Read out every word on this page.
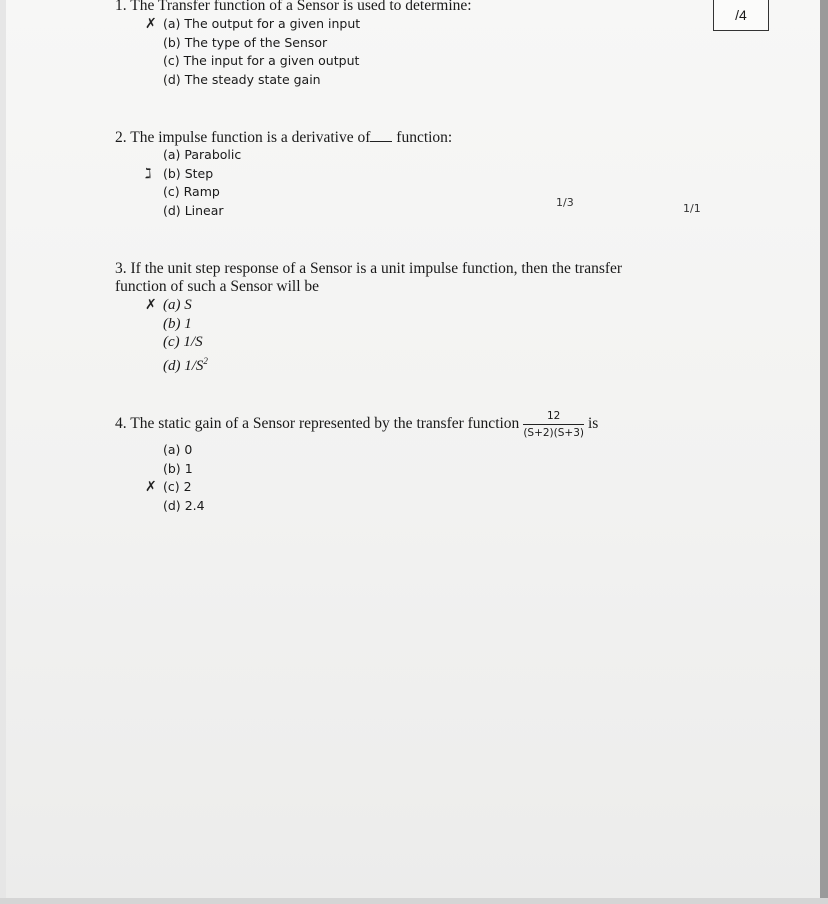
/4
1. The Transfer function of a Sensor is used to determine:
✗ (a) The output for a given input
(b) The type of the Sensor
(c) The input for a given output
(d) The steady state gain
2. The impulse function is a derivative of function:
(a) Parabolic
ℷ (b) Step
(c) Ramp
(d) Linear	1/3	1/1
3. If the unit step response of a Sensor is a unit impulse function, then the transfer
function of such a Sensor will be
✗ (a) S
(b) 1
(c) 1/S
(d) $1/S^2$
4. The static gain of a Sensor represented by the transfer function $\frac{12}{(S+2)(S+3)}$ is
(a) 0
(b) 1
✗ (c) 2
(d) 2.4
